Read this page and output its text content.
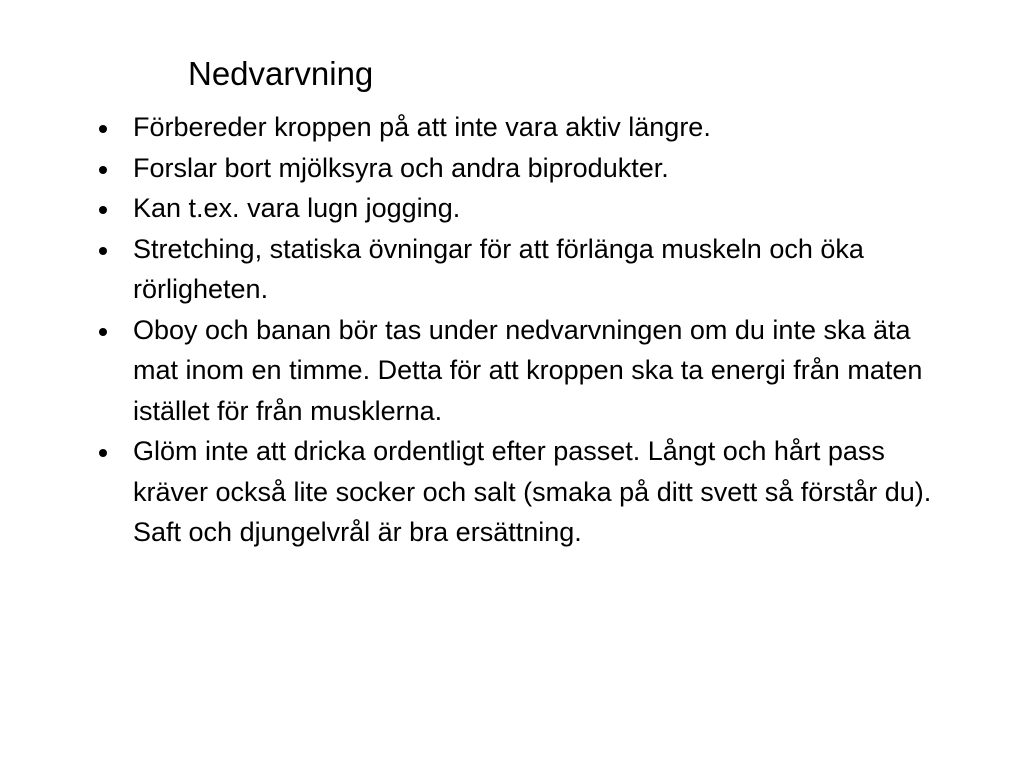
Nedvarvning
Förbereder kroppen på att inte vara aktiv längre.
Forslar bort mjölksyra och andra biprodukter.
Kan t.ex. vara lugn jogging.
Stretching, statiska övningar för att förlänga muskeln och öka rörligheten.
Oboy och banan bör tas under nedvarvningen om du inte ska äta mat inom en timme. Detta för att kroppen ska ta energi från maten istället för från musklerna.
Glöm inte att dricka ordentligt efter passet. Långt och hårt pass kräver också lite socker och salt (smaka på ditt svett så förstår du). Saft och djungelvrål är bra ersättning.
